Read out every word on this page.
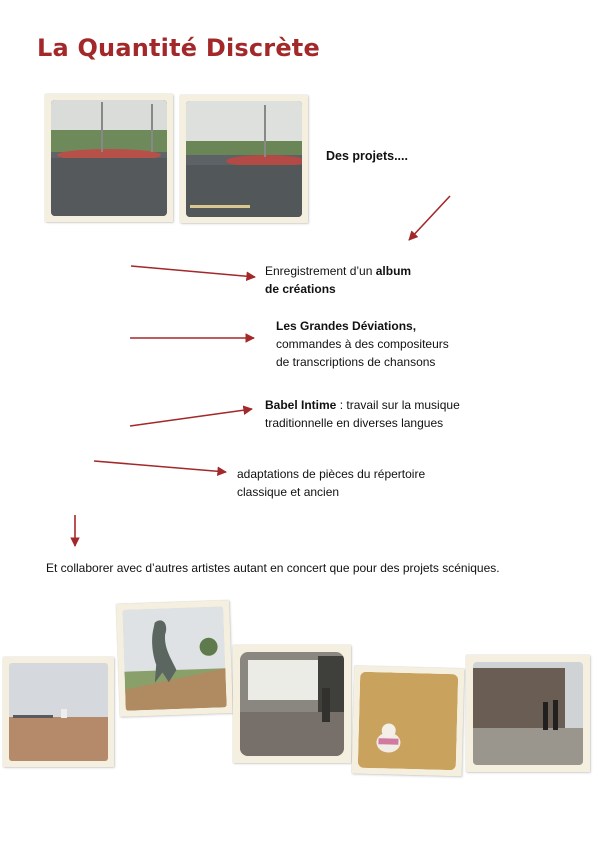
La Quantité Discrète
Des projets....
Enregistrement d’un album
de créations
Les Grandes Déviations,
commandes à des compositeurs
de transcriptions de chansons
Babel Intime : travail sur la musique
traditionnelle en diverses langues
adaptations de pièces du répertoire
classique et ancien
Et collaborer avec d’autres artistes autant en concert que pour des projets scéniques.
